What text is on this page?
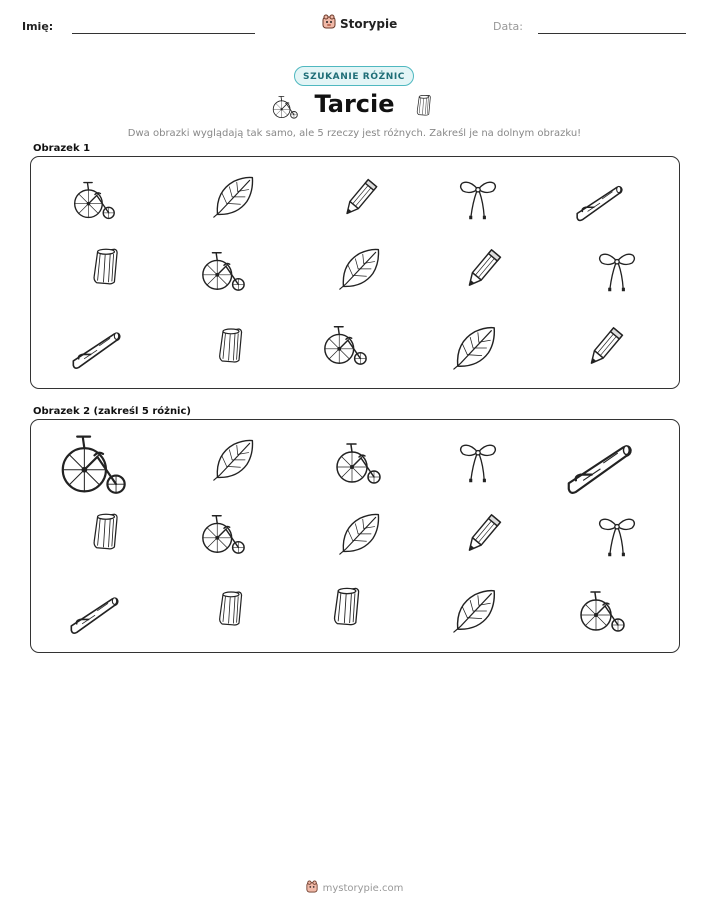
Imię:	Storypie	Data:
SZUKANIE RÓŻNIC
Tarcie
Dwa obrazki wyglądają tak samo, ale 5 rzeczy jest różnych. Zakreśl je na dolnym obrazku!
Obrazek 1
Obrazek 2 (zakreśl 5 różnic)
mystorypie.com
